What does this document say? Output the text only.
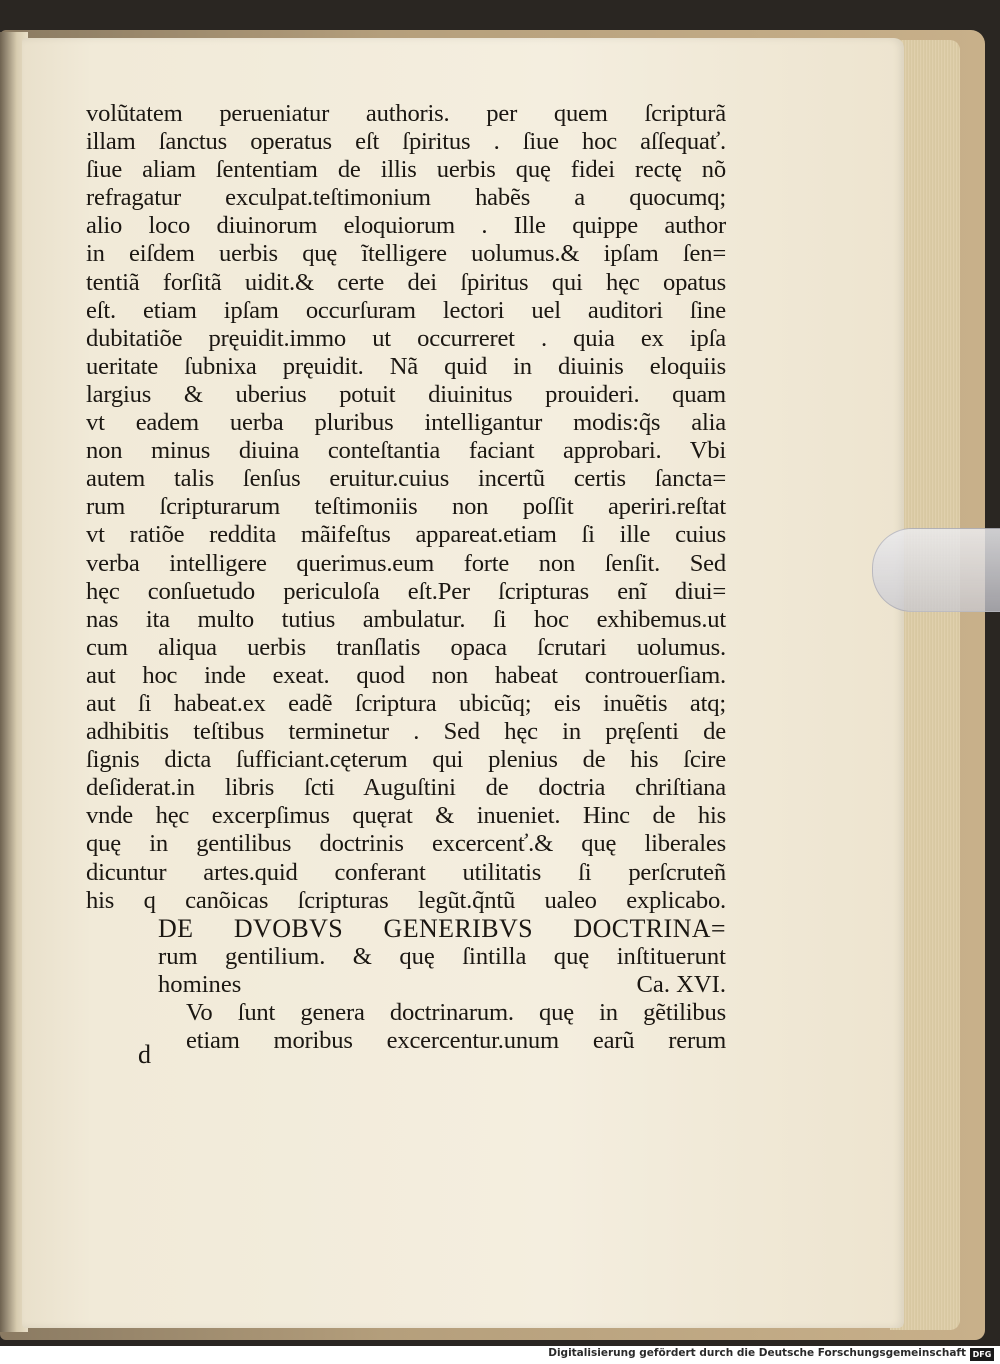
volũtatem perueniatur authoris. per quem ſcripturã
illam ſanctus operatus eſt ſpiritus . ſiue hoc aſſequať.
ſiue aliam ſententiam de illis uerbis quę fidei rectę nõ
refragatur exculpat.teſtimonium habẽs a quocumq;
alio loco diuinorum eloquiorum . Ille quippe author
in eiſdem uerbis quę ĩtelligere uolumus.& ipſam ſen=
tentiã forſitã uidit.& certe dei ſpiritus qui hęc opatus
eſt. etiam ipſam occurſuram lectori uel auditori ſine
dubitatiõe pręuidit.immo ut occurreret . quia ex ipſa
ueritate ſubnixa pręuidit. Nã quid in diuinis eloquiis
largius & uberius potuit diuinitus prouideri. quam
vt eadem uerba pluribus intelligantur modis:q̃s alia
non minus diuina conteſtantia faciant approbari. Vbi
autem talis ſenſus eruitur.cuius incertũ certis ſancta=
rum ſcripturarum teſtimoniis non poſſit aperiri.reſtat
vt ratiõe reddita mãifeſtus appareat.etiam ſi ille cuius
verba intelligere querimus.eum forte non ſenſit. Sed
hęc conſuetudo periculoſa eſt.Per ſcripturas enĩ diui=
nas ita multo tutius ambulatur. ſi hoc exhibemus.ut
cum aliqua uerbis tranſlatis opaca ſcrutari uolumus.
aut hoc inde exeat. quod non habeat controuerſiam.
aut ſi habeat.ex eadẽ ſcriptura ubicũq; eis inuẽtis atq;
adhibitis teſtibus terminetur . Sed hęc in pręſenti de
ſignis dicta ſufficiant.cęterum qui plenius de his ſcire
deſiderat.in libris ſcti Auguſtini de doctria chriſtiana
vnde hęc excerpſimus quęrat & inueniet. Hinc de his
quę in gentilibus doctrinis excercenť.& quę liberales
dicuntur artes.quid conferant utilitatis ſi perſcruteñ
his q canõicas ſcripturas legũt.q̃ntũ ualeo explicabo.
DE DVOBVS GENERIBVS DOCTRINA=
rum gentilium. & quę ſintilla quę inſtituerunt
homines	Ca. XVI.
Vo ſunt genera doctrinarum. quę in gẽtilibus
etiam moribus excercentur.unum earũ rerum
d
Digitalisierung gefördert durch die Deutsche Forschungsgemeinschaft DFG
